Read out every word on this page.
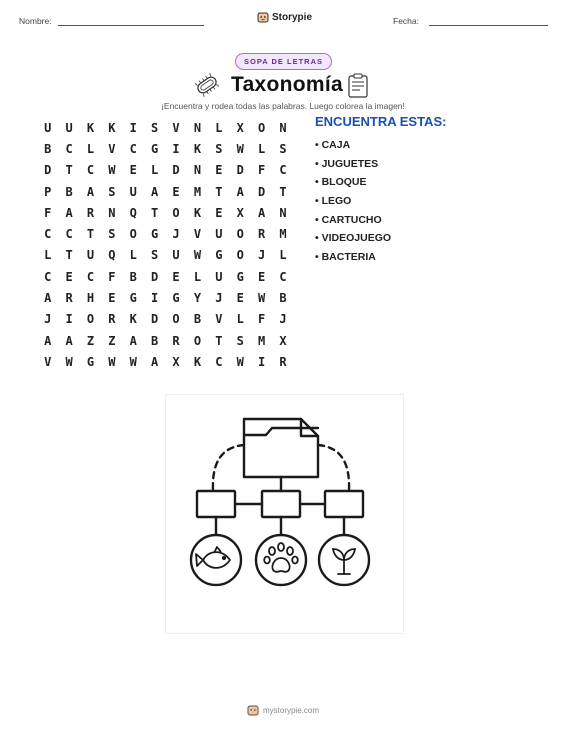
Nombre:	Storypie	Fecha:
SOPA DE LETRAS
Taxonomía
¡Encuentra y rodea todas las palabras. Luego colorea la imagen!
U	U	K	K	I	S	V	N	L	X	O	N
B	C	L	V	C	G	I	K	S	W	L	S
D	T	C	W	E	L	D	N	E	D	F	C
P	B	A	S	U	A	E	M	T	A	D	T
F	A	R	N	Q	T	O	K	E	X	A	N
C	C	T	S	O	G	J	V	U	O	R	M
L	T	U	Q	L	S	U	W	G	O	J	L
C	E	C	F	B	D	E	L	U	G	E	C
A	R	H	E	G	I	G	Y	J	E	W	B
J	I	O	R	K	D	O	B	V	L	F	J
A	A	Z	Z	A	B	R	O	T	S	M	X
V	W	G	W	W	A	X	K	C	W	I	R
ENCUENTRA ESTAS:
• CAJA
• JUGUETES
• BLOQUE
• LEGO
• CARTUCHO
• VIDEOJUEGO
• BACTERIA
mystorypie.com
